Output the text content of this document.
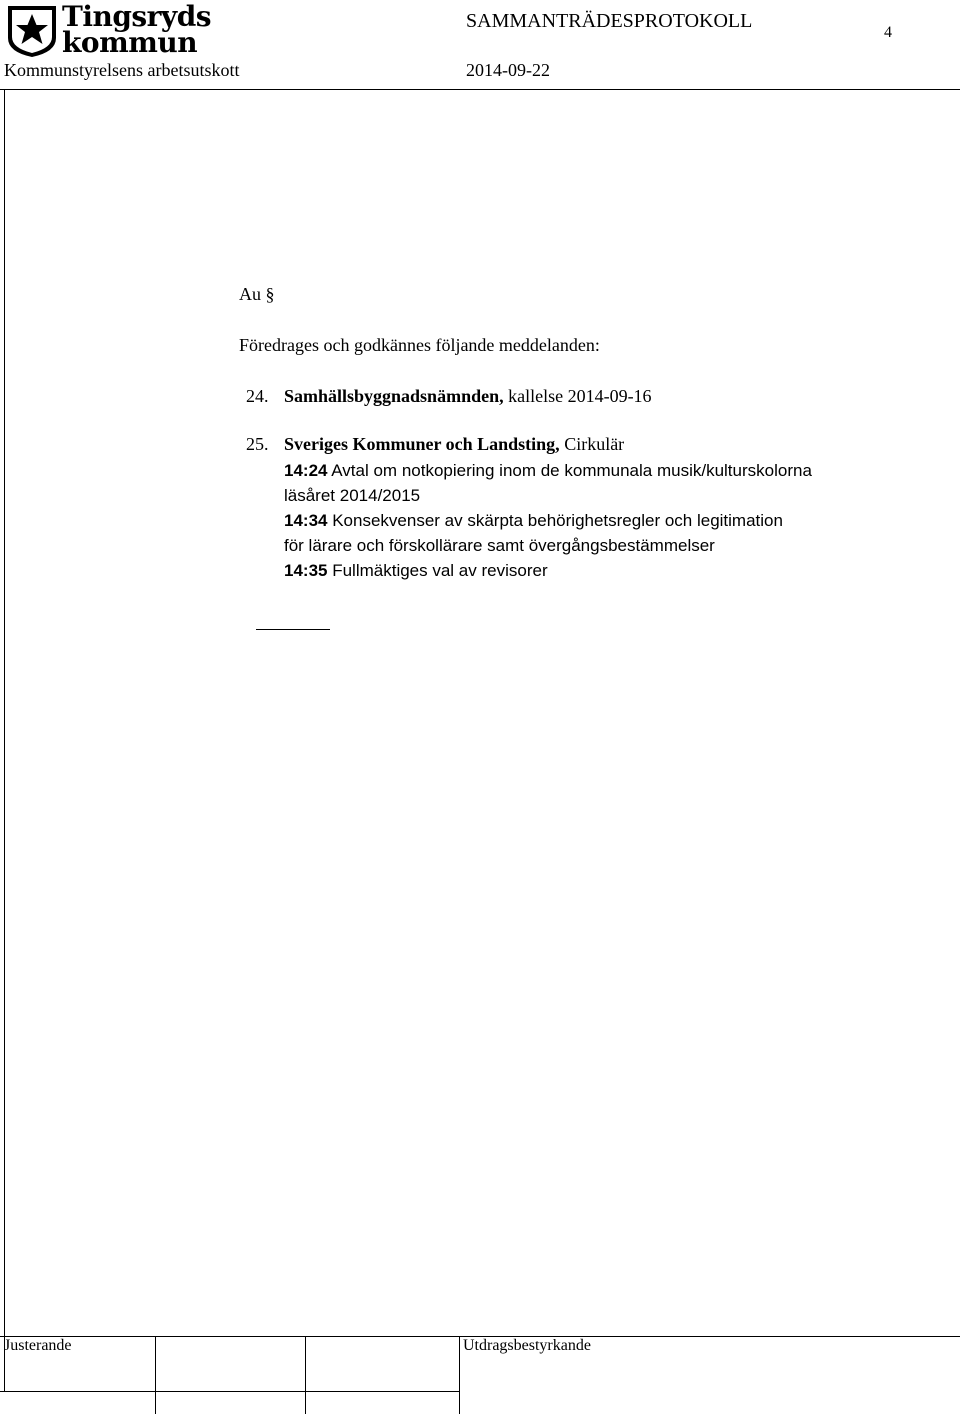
Tingsryds
kommun
SAMMANTRÄDESPROTOKOLL
4
Kommunstyrelsens arbetsutskott	2014-09-22
Au §
Föredrages och godkännes följande meddelanden:
24. Samhällsbyggnadsnämnden, kallelse 2014-09-16
25. Sveriges Kommuner och Landsting, Cirkulär
14:24 Avtal om notkopiering inom de kommunala musik/kulturskolorna
läsåret 2014/2015
14:34 Konsekvenser av skärpta behörighetsregler och legitimation
för lärare och förskollärare samt övergångsbestämmelser
14:35 Fullmäktiges val av revisorer
Justerande	Utdragsbestyrkande
